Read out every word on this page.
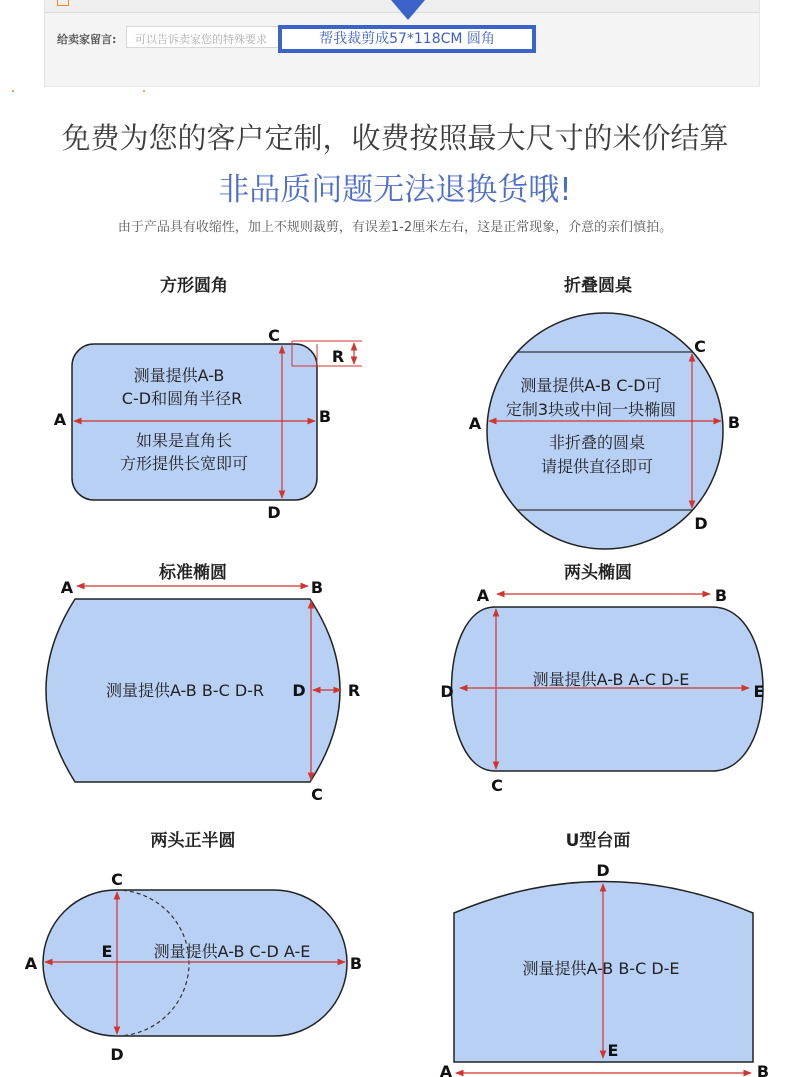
给卖家留言:	可以告诉卖家您的特殊要求	帮我裁剪成57*118CM 圆角
免费为您的客户定制，收费按照最大尺寸的米价结算
非品质问题无法退换货哦!
由于产品具有收缩性，加上不规则裁剪，有误差1-2厘米左右，这是正常现象，介意的亲们慎拍。
方形圆角
A	B
C
D
R
测量提供A-B
C-D和圆角半径R
如果是直角长
方形提供长宽即可
折叠圆桌
A	B
C
D
测量提供A-B C-D可
定制3块或中间一块椭圆
非折叠的圆桌
请提供直径即可
标准椭圆
A	B
C
D	R
测量提供A-B B-C D-R
两头椭圆
A	B
C
D	E
测量提供A-B A-C D-E
两头正半圆
A	B
C
D
E	测量提供A-B C-D A-E
U型台面
A	B
D
E
测量提供A-B B-C D-E
